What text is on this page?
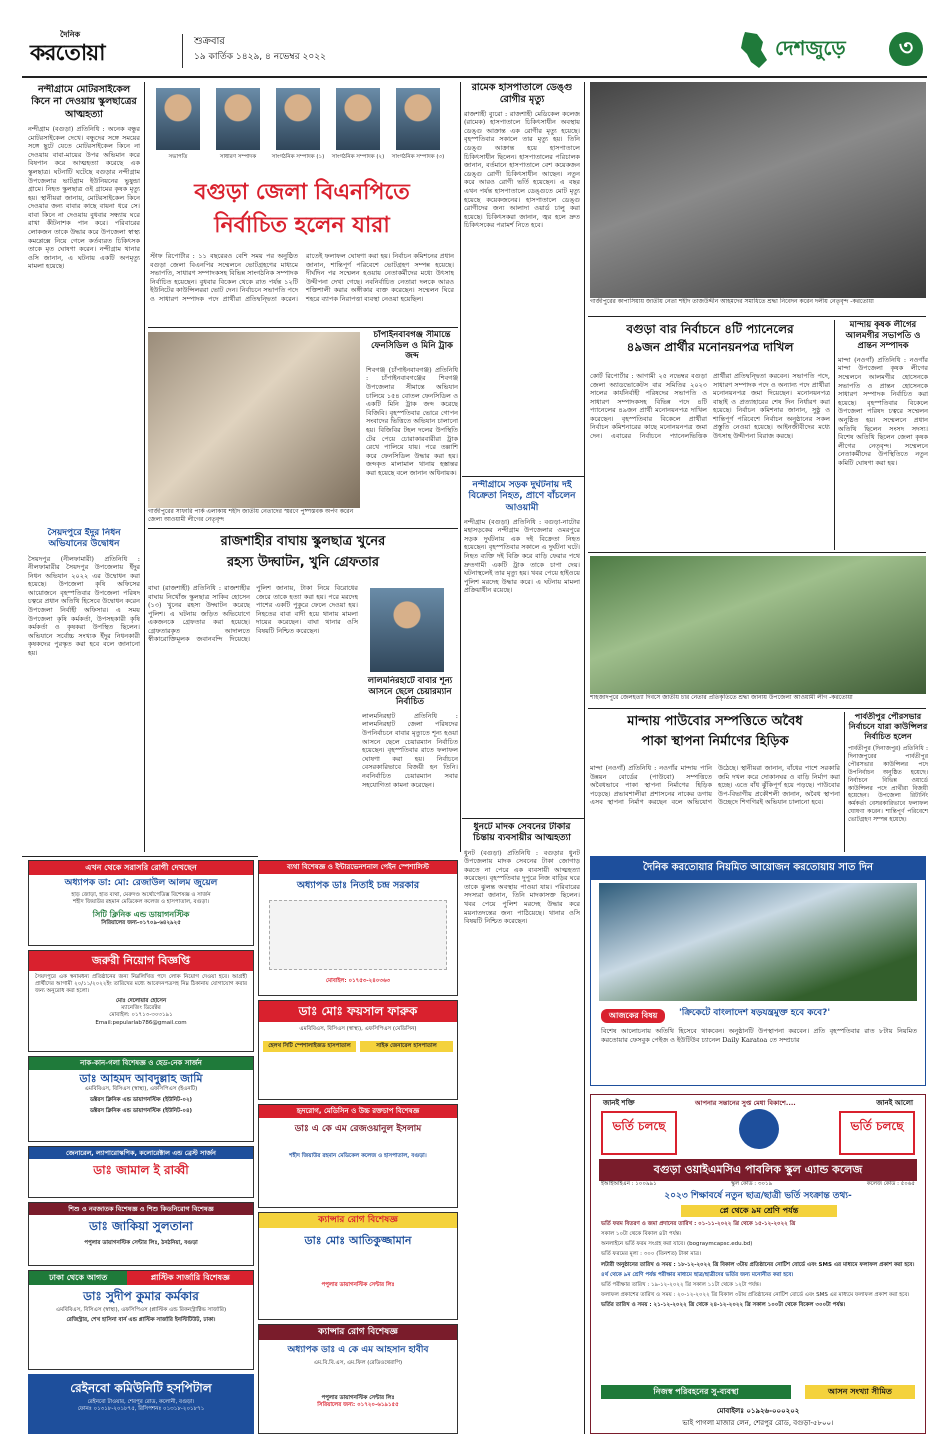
দৈনিক
করতোয়া	শুক্রবার
১৯ কার্তিক ১৪২৯, ৪ নভেম্বর ২০২২	দেশজুড়ে	৩
নন্দীগ্রামে মোটরসাইকেল কিনে না দেওয়ায় স্কুলছাত্রের আত্মহত্যা
নন্দীগ্রাম (বগুড়া) প্রতিনিধি : অনেক বন্ধুর মোটরসাইকেল দেখে। বন্ধুদের সঙ্গে সময়ের সঙ্গে ছুটে যেতে মোটরসাইকেল কিনে না দেওয়ায় বাবা-মায়ের উপর অভিমান করে বিষপান করে আত্মহত্যা করেছে এক স্কুলছাত্র। ঘটনাটি ঘটেছে বগুড়ার নন্দীগ্রাম উপজেলার ভাটগ্রাম ইউনিয়নের ভুষুন্ডা গ্রামে। নিহত স্কুলছাত্র ওই গ্রামের কৃষক মৃত্যু হয়। স্থানীয়রা জানায়, মোটরসাইকেল কিনে দেওয়ার জন্য বাবার কাছে বায়না ধরে সে। বাবা কিনে না দেওয়ায় বুধবার সন্ধ্যায় ঘরে রাখা কীটনাশক পান করে। পরিবারের লোকজন তাকে উদ্ধার করে উপজেলা স্বাস্থ্য কমপ্লেক্সে নিয়ে গেলে কর্তব্যরত চিকিৎসক তাকে মৃত ঘোষণা করেন। নন্দীগ্রাম থানার ওসি জানান, এ ঘটনায় একটি অপমৃত্যু মামলা হয়েছে।
সৈয়দপুরে ইঁদুর নিধন অভিযানের উদ্বোধন
সৈয়দপুর (নীলফামারী) প্রতিনিধি : নীলফামারীর সৈয়দপুর উপজেলায় ইঁদুর নিধন অভিযান ২০২২ এর উদ্বোধন করা হয়েছে। উপজেলা কৃষি অফিসের আয়োজনে বৃহস্পতিবার উপজেলা পরিষদ চত্বরে প্রধান অতিথি হিসেবে উদ্বোধন করেন উপজেলা নির্বাহী অফিসার। এ সময় উপজেলা কৃষি কর্মকর্তা, উপসহকারী কৃষি কর্মকর্তা ও কৃষকরা উপস্থিত ছিলেন। অভিযানে সর্বোচ্চ সংখ্যক ইঁদুর নিধনকারী কৃষকদের পুরস্কৃত করা হবে বলে জানানো হয়।
সভাপতি	সাধারণ সম্পাদক	সাংগঠনিক সম্পাদক (১)	সাংগঠনিক সম্পাদক (২)	সাংগঠনিক সম্পাদক (৩)
বগুড়া জেলা বিএনপিতে
নির্বাচিত হলেন যারা
স্টাফ রিপোর্টার : ১১ বছরেরও বেশি সময় পর অনুষ্ঠিত বগুড়া জেলা বিএনপির সম্মেলনে ভোটগ্রহণের মাধ্যমে সভাপতি, সাধারণ সম্পাদকসহ বিভিন্ন সাংগঠনিক সম্পাদক নির্বাচিত হয়েছেন। বুধবার বিকেল থেকে রাত পর্যন্ত ১২টি ইউনিটের কাউন্সিলররা ভোট দেন। নির্বাচনে সভাপতি পদে ও সাধারণ সম্পাদক পদে প্রার্থীরা প্রতিদ্বন্দ্বিতা করেন। রাতেই ফলাফল ঘোষণা করা হয়। নির্বাচন কমিশনের প্রধান জানান, শান্তিপূর্ণ পরিবেশে ভোটগ্রহণ সম্পন্ন হয়েছে। দীর্ঘদিন পর সম্মেলন হওয়ায় নেতাকর্মীদের মধ্যে উৎসাহ উদ্দীপনা দেখা গেছে। নবনির্বাচিত নেতারা দলকে আরও শক্তিশালী করার অঙ্গীকার ব্যক্ত করেছেন। সম্মেলন ঘিরে শহরে ব্যাপক নিরাপত্তা ব্যবস্থা নেওয়া হয়েছিল।
গাজীপুরের সাফারি পার্ক এলাকায় শহীদ জাতীয় নেতাদের স্মরণে পুষ্পস্তবক অর্পণ করেন জেলা আওয়ামী লীগের নেতৃবৃন্দ
চাঁপাইনবাবগঞ্জ সীমান্তে ফেনসিডিল ও মিনি ট্রাক জব্দ
শিবগঞ্জ (চাঁপাইনবাবগঞ্জ) প্রতিনিধি : চাঁপাইনবাবগঞ্জের শিবগঞ্জ উপজেলার সীমান্তে অভিযান চালিয়ে ১৫৪ বোতল ফেনসিডিল ও একটি মিনি ট্রাক জব্দ করেছে বিজিবি। বৃহস্পতিবার ভোরে গোপন সংবাদের ভিত্তিতে অভিযান চালানো হয়। বিজিবির টহল দলের উপস্থিতি টের পেয়ে চোরাকারবারীরা ট্রাক রেখে পালিয়ে যায়। পরে তল্লাশি করে ফেনসিডিল উদ্ধার করা হয়। জব্দকৃত মালামাল থানায় হস্তান্তর করা হয়েছে বলে জানান অধিনায়ক।
রাজশাহীর বাঘায় স্কুলছাত্র খুনের
রহস্য উদ্ঘাটন, খুনি গ্রেফতার
বাঘা (রাজশাহী) প্রতিনিধি : রাজশাহীর বাঘায় নিখোঁজ স্কুলছাত্র সাকিব হোসেন (১৩) খুনের রহস্য উদ্ঘাটন করেছে পুলিশ। এ ঘটনায় জড়িত অভিযোগে একজনকে গ্রেফতার করা হয়েছে। গ্রেফতারকৃত আদালতে স্বীকারোক্তিমূলক জবানবন্দি দিয়েছে। পুলিশ জানায়, টাকা নিয়ে বিরোধের জেরে তাকে হত্যা করা হয়। পরে মরদেহ পাশের একটি পুকুরে ফেলে দেওয়া হয়। নিহতের বাবা বাদী হয়ে থানায় মামলা দায়ের করেছেন। বাঘা থানার ওসি বিষয়টি নিশ্চিত করেছেন।
লালমনিরহাটে বাবার শূন্য আসনে ছেলে চেয়ারম্যান নির্বাচিত
লালমনিরহাট প্রতিনিধি : লালমনিরহাট জেলা পরিষদের উপনির্বাচনে বাবার মৃত্যুতে শূন্য হওয়া আসনে ছেলে চেয়ারম্যান নির্বাচিত হয়েছেন। বৃহস্পতিবার রাতে ফলাফল ঘোষণা করা হয়। নির্বাচনে বেসরকারিভাবে বিজয়ী হন তিনি। নবনির্বাচিত চেয়ারম্যান সবার সহযোগিতা কামনা করেছেন।
রামেক হাসপাতালে ডেঙ্গু রোগীর মৃত্যু
রাজশাহী ব্যুরো : রাজশাহী মেডিকেল কলেজ (রামেক) হাসপাতালে চিকিৎসাধীন অবস্থায় ডেঙ্গু আক্রান্ত এক রোগীর মৃত্যু হয়েছে। বৃহস্পতিবার সকালে তার মৃত্যু হয়। তিনি ডেঙ্গু আক্রান্ত হয়ে হাসপাতালে চিকিৎসাধীন ছিলেন। হাসপাতালের পরিচালক জানান, বর্তমানে হাসপাতালে বেশ কয়েকজন ডেঙ্গু রোগী চিকিৎসাধীন আছেন। নতুন করে আরও রোগী ভর্তি হয়েছেন। এ বছর এখন পর্যন্ত হাসপাতালে ডেঙ্গুতে মোট মৃত্যু হয়েছে কয়েকজনের। হাসপাতালে ডেঙ্গু রোগীদের জন্য আলাদা ওয়ার্ড চালু করা হয়েছে। চিকিৎসকরা জানান, জ্বর হলে দ্রুত চিকিৎসকের পরামর্শ নিতে হবে।
নন্দীগ্রামে সড়ক দুর্ঘটনায় দই বিক্রেতা নিহত, প্রাণে বাঁচলেন আওয়ামী
নন্দীগ্রাম (বগুড়া) প্রতিনিধি : বগুড়া-নাটোর মহাসড়কের নন্দীগ্রাম উপজেলার ওমরপুরে সড়ক দুর্ঘটনায় এক দই বিক্রেতা নিহত হয়েছেন। বৃহস্পতিবার সকালে এ দুর্ঘটনা ঘটে। নিহত ব্যক্তি দই বিক্রি করে বাড়ি ফেরার পথে দ্রুতগামী একটি ট্রাক তাকে চাপা দেয়। ঘটনাস্থলেই তার মৃত্যু হয়। খবর পেয়ে হাইওয়ে পুলিশ মরদেহ উদ্ধার করে। এ ঘটনায় মামলা প্রক্রিয়াধীন রয়েছে।
ধুনটে মাদক সেবনের টাকার চিন্তায় ব্যবসায়ীর আত্মহত্যা
ধুনট (বগুড়া) প্রতিনিধি : বগুড়ার ধুনট উপজেলায় মাদক সেবনের টাকা জোগাড় করতে না পেরে এক ব্যবসায়ী আত্মহত্যা করেছেন। বৃহস্পতিবার দুপুরে নিজ বাড়ির ঘরে তাকে ঝুলন্ত অবস্থায় পাওয়া যায়। পরিবারের সদস্যরা জানান, তিনি মাদকাসক্ত ছিলেন। খবর পেয়ে পুলিশ মরদেহ উদ্ধার করে ময়নাতদন্তের জন্য পাঠিয়েছে। থানার ওসি বিষয়টি নিশ্চিত করেছেন।
গাজীপুরের কাপাসিয়ায় জাতীয় নেতা শহীদ তাজউদ্দীন আহমদের সমাধিতে শ্রদ্ধা নিবেদন করেন দলীয় নেতৃবৃন্দ -করতোয়া
বগুড়া বার নির্বাচনে ৪টি প্যানেলের
৪৯জন প্রার্থীর মনোনয়নপত্র দাখিল
কোর্ট রিপোর্টার : আগামী ২৫ নভেম্বর বগুড়া জেলা অ্যাডভোকেটস বার সমিতির ২০২৩ সালের কার্যনির্বাহী পরিষদের সভাপতি ও সাধারণ সম্পাদকসহ বিভিন্ন পদে ৪টি প্যানেলের ৪৯জন প্রার্থী মনোনয়নপত্র দাখিল করেছেন। বৃহস্পতিবার বিকেলে প্রার্থীরা নির্বাচন কমিশনারের কাছে মনোনয়নপত্র জমা দেন। এবারের নির্বাচনে প্যানেলভিত্তিক প্রার্থীরা প্রতিদ্বন্দ্বিতা করবেন। সভাপতি পদে, সাধারণ সম্পাদক পদে ও অন্যান্য পদে প্রার্থীরা মনোনয়নপত্র জমা দিয়েছেন। মনোনয়নপত্র বাছাই ও প্রত্যাহারের শেষ দিন নির্ধারণ করা হয়েছে। নির্বাচন কমিশনার জানান, সুষ্ঠু ও শান্তিপূর্ণ পরিবেশে নির্বাচন অনুষ্ঠানের সকল প্রস্তুতি নেওয়া হয়েছে। আইনজীবীদের মধ্যে উৎসাহ উদ্দীপনা বিরাজ করছে।
মান্দায় কৃষক লীগের আলমগীর সভাপতি ও প্রান্তন সম্পাদক
মান্দা (নওগাঁ) প্রতিনিধি : নওগাঁর মান্দা উপজেলা কৃষক লীগের সম্মেলনে আলমগীর হোসেনকে সভাপতি ও প্রান্তন হোসেনকে সাধারণ সম্পাদক নির্বাচিত করা হয়েছে। বৃহস্পতিবার বিকেলে উপজেলা পরিষদ চত্বরে সম্মেলন অনুষ্ঠিত হয়। সম্মেলনে প্রধান অতিথি ছিলেন সংসদ সদস্য। বিশেষ অতিথি ছিলেন জেলা কৃষক লীগের নেতৃবৃন্দ। সম্মেলনে নেতাকর্মীদের উপস্থিতিতে নতুন কমিটি ঘোষণা করা হয়।
শাহজাদপুরে জেলহত্যা দিবসে জাতীয় চার নেতার প্রতিকৃতিতে শ্রদ্ধা জানায় উপজেলা আওয়ামী লীগ -করতোয়া
মান্দায় পাউবোর সম্পত্তিতে অবৈধ
পাকা স্থাপনা নির্মাণের হিড়িক
মান্দা (নওগাঁ) প্রতিনিধি : নওগাঁর মান্দায় পানি উন্নয়ন বোর্ডের (পাউবো) সম্পত্তিতে অবৈধভাবে পাকা স্থাপনা নির্মাণের হিড়িক পড়েছে। প্রভাবশালীরা প্রশাসনের নাকের ডগায় এসব স্থাপনা নির্মাণ করছেন বলে অভিযোগ উঠেছে। স্থানীয়রা জানান, বাঁধের পাশে সরকারি জমি দখল করে দোকানঘর ও বাড়ি নির্মাণ করা হচ্ছে। এতে বাঁধ ঝুঁকিপূর্ণ হয়ে পড়ছে। পাউবোর উপ-বিভাগীয় প্রকৌশলী জানান, অবৈধ স্থাপনা উচ্ছেদে শিগগিরই অভিযান চালানো হবে।
পার্বতীপুর পৌরসভার নির্বাচনে যারা কাউন্সিলর নির্বাচিত হলেন
পার্বতীপুর (দিনাজপুর) প্রতিনিধি : দিনাজপুরের পার্বতীপুর পৌরসভার কাউন্সিলর পদে উপনির্বাচন অনুষ্ঠিত হয়েছে। নির্বাচনে বিভিন্ন ওয়ার্ডে কাউন্সিলর পদে প্রার্থীরা বিজয়ী হয়েছেন। উপজেলা রিটার্নিং কর্মকর্তা বেসরকারিভাবে ফলাফল ঘোষণা করেন। শান্তিপূর্ণ পরিবেশে ভোটগ্রহণ সম্পন্ন হয়েছে।
দৈনিক করতোয়ার নিয়মিত আয়োজন করতোয়ায় সাত দিন
আজকের বিষয়	'ক্রিকেটে বাংলাদেশ ষড়যন্ত্রমুক্ত হবে কবে?'
বিশেষ আলোচনায় অতিথি হিসেবে থাকবেন। অনুষ্ঠানটি উপস্থাপনা করবেন। প্রতি বৃহস্পতিবার রাত ৮টায় নিয়মিত করতোয়ার ফেসবুক পেইজ ও ইউটিউব চ্যানেল Daily Karatoa তে সম্প্রচার
জানই শক্তি	আপনার সন্তানের সুপ্ত মেধা বিকাশে....	জানই আলো
ভর্তি চলছে	ভর্তি চলছে
বগুড়া ওয়াইএমসিএ পাবলিক স্কুল এ্যান্ড কলেজ
ইআইআইএন : ১০০৯৯১	স্কুল কোড : ৩০১৯	কলেজ কোড : ৫০৬৫
২০২৩ শিক্ষাবর্ষে নতুন ছাত্র/ছাত্রী ভর্তি সংক্রান্ত তথ্য-
প্লে থেকে ৯ম শ্রেণি পর্যন্ত
ভর্তি ফরম বিতরণ ও জমা প্রদানের তারিখ : ০১-১১-২০২২ খ্রি থেকে ১৫-১২-২০২২ খ্রি
সকাল ১০টা থেকে বিকাল ৪টা পর্যন্ত।
অনলাইনে ভর্তি ফরম সংগ্রহ করা যাবে। (bograymcapsc.edu.bd)
ভর্তি ফরমের মূল্য : ৩০০ (তিনশত) টাকা মাত্র।
লটারী অনুষ্ঠানের তারিখ ও সময় : ১৮-১২-২০২২ খ্রি বিকাল ৩টায় প্রতিষ্ঠানের নোটিশ বোর্ডে এবং SMS এর মাধ্যমে ফলাফল প্রকাশ করা হবে।
৪র্থ থেকে ৯ম শ্রেণি পর্যন্ত পরীক্ষার মাধ্যমে ছাত্র/ছাত্রীদের ভর্তির জন্য মনোনীত করা হবে।
ভর্তি পরীক্ষার তারিখ : ১৯-১২-২০২২ খ্রি সকাল ১১টা থেকে ১২টা পর্যন্ত।
ফলাফল প্রকাশের তারিখ ও সময় : ২০-১২-২০২২ খ্রি বিকাল ৩টায় প্রতিষ্ঠানের নোটিশ বোর্ডে এবং SMS এর মাধ্যমে ফলাফল প্রকাশ করা হবে।
ভর্তির তারিখ ও সময় : ২১-১২-২০২২ খ্রি থেকে ২৪-১২-২০২২ খ্রি সকাল ১০০টা থেকে বিকেল ৩০০টা পর্যন্ত।
নিজস্ব পরিবহনের সু-ব্যবস্থা	আসন সংখ্যা সীমিত
মোবাইলঃ ০১৯২৬-০০০২০২
ভাই পাগলা মাজার লেন, শেরপুর রোড, বগুড়া-৫৮০০।
এখন থেকে সরাসরি রোগী দেখছেন
অধ্যাপক ডা: মো: রেজাউল আলম জুয়েল
হাড় জোড়া, হাত ব্যথা, মেরুদণ্ড অর্থোপেডিক্স বিশেষজ্ঞ ও সার্জন
শহীদ জিয়াউর রহমান মেডিকেল কলেজ ও হাসপাতাল, বগুড়া।
সিটি ক্লিনিক এন্ড ডায়াগনস্টিক
সিরিয়ালের জন্য-০১৭০৯-৬৪২৯২৫
জরুরী নিয়োগ বিজ্ঞপ্তি
সৈয়দপুরে এক স্বনামধন্য প্রতিষ্ঠানের জন্য নিম্নলিখিত পদে লোক নিয়োগ দেওয়া হবে। আগ্রহী প্রার্থীদের আগামী ২০/১১/২০২২ইং তারিখের মধ্যে আবেদনপত্রসহ নিম্ন ঠিকানায় যোগাযোগ করার জন্য অনুরোধ করা হলো।
মোঃ দেলোয়ার হোসেন
ম্যানেজিং ডিরেক্টর
মোবাইল: ০১৭১৩-৩০৩১৯১
Email:pepularlab786@gmail.com
নাক-কান-গলা বিশেষজ্ঞ ও হেড-নেক সার্জন
ডাঃ আহমদ আবদুল্লাহ জামি
এমবিবিএস, বিসিএস (স্বাস্থ্য), এফসিপিএস (ইএনটি)
ডক্টরস ক্লিনিক এন্ড ডায়াগনস্টিক (ইউনিট-০২)
ডক্টরস ক্লিনিক এন্ড ডায়াগনস্টিক (ইউনিট-০৪)
জেনারেল, ল্যাপারোস্কপিক, কলোরেক্টাল এন্ড ব্রেস্ট সার্জন
ডাঃ জামাল ই রাব্বী
শিশু ও নবজাতক বিশেষজ্ঞ ও শিশু কিডনিরোগ বিশেষজ্ঞ
ডাঃ জাকিয়া সুলতানা
পপুলার ডায়াগনস্টিক সেন্টার লিঃ, ঠনঠনিয়া, বগুড়া
ঢাকা থেকে আগত	প্লাস্টিক সার্জারি বিশেষজ্ঞ
ডাঃ সুদীপ কুমার কর্মকার
এমবিবিএস, বিসিএস (স্বাস্থ্য), এফসিপিএস (প্লাস্টিক এন্ড রিকনস্ট্রাক্টিভ সার্জারি)
রেজিস্ট্রার, শেখ হাসিনা বার্ন এন্ড প্লাস্টিক সার্জারি ইনস্টিটিউট, ঢাকা।
রেইনবো কমিউনিটি হসপিটাল
রেইনবো টাওয়ার, শেরপুর রোড, কলোনী, বগুড়া।
ফোনঃ ০১৩১৮-২০১৮৭৫, রিসিপশনঃ ০১৩১৮-২০১৮৭১
ব্যথা বিশেষজ্ঞ ও ইন্টারভেনশনাল পেইন স্পেশালিস্ট
অধ্যাপক ডাঃ নিতাই চন্দ্র সরকার
মোবাইল: ০১৭৫৩-২৪০৩৬৩
ডাঃ মোঃ ফয়সাল ফারুক
এমবিবিএস, বিসিএস (স্বাস্থ্য), এফসিপিএস (মেডিসিন)
হেলথ সিটি স্পেশালাইজড হাসপাতাল	সাইক জেনারেল হাসপাতাল
হৃদরোগ, মেডিসিন ও উচ্চ রক্তচাপ বিশেষজ্ঞ
ডাঃ এ কে এম রেজওয়ানুল ইসলাম
শহীদ জিয়াউর রহমান মেডিকেল কলেজ ও হাসপাতাল, বগুড়া।
ক্যান্সার রোগ বিশেষজ্ঞ
ডাঃ মোঃ আতিকুজ্জামান
পপুলার ডায়াগনস্টিক সেন্টার লিঃ
ক্যান্সার রোগ বিশেষজ্ঞ
অধ্যাপক ডাঃ এ কে এম আহসান হাবীব
এম.বি.বি.এস, এম.ফিল (রেডিওথেরাপি)
পপুলার ডায়াগনস্টিক সেন্টার লিঃ
সিরিয়ালের জন্য: ০১৭২০-৬১৯১৫৫
